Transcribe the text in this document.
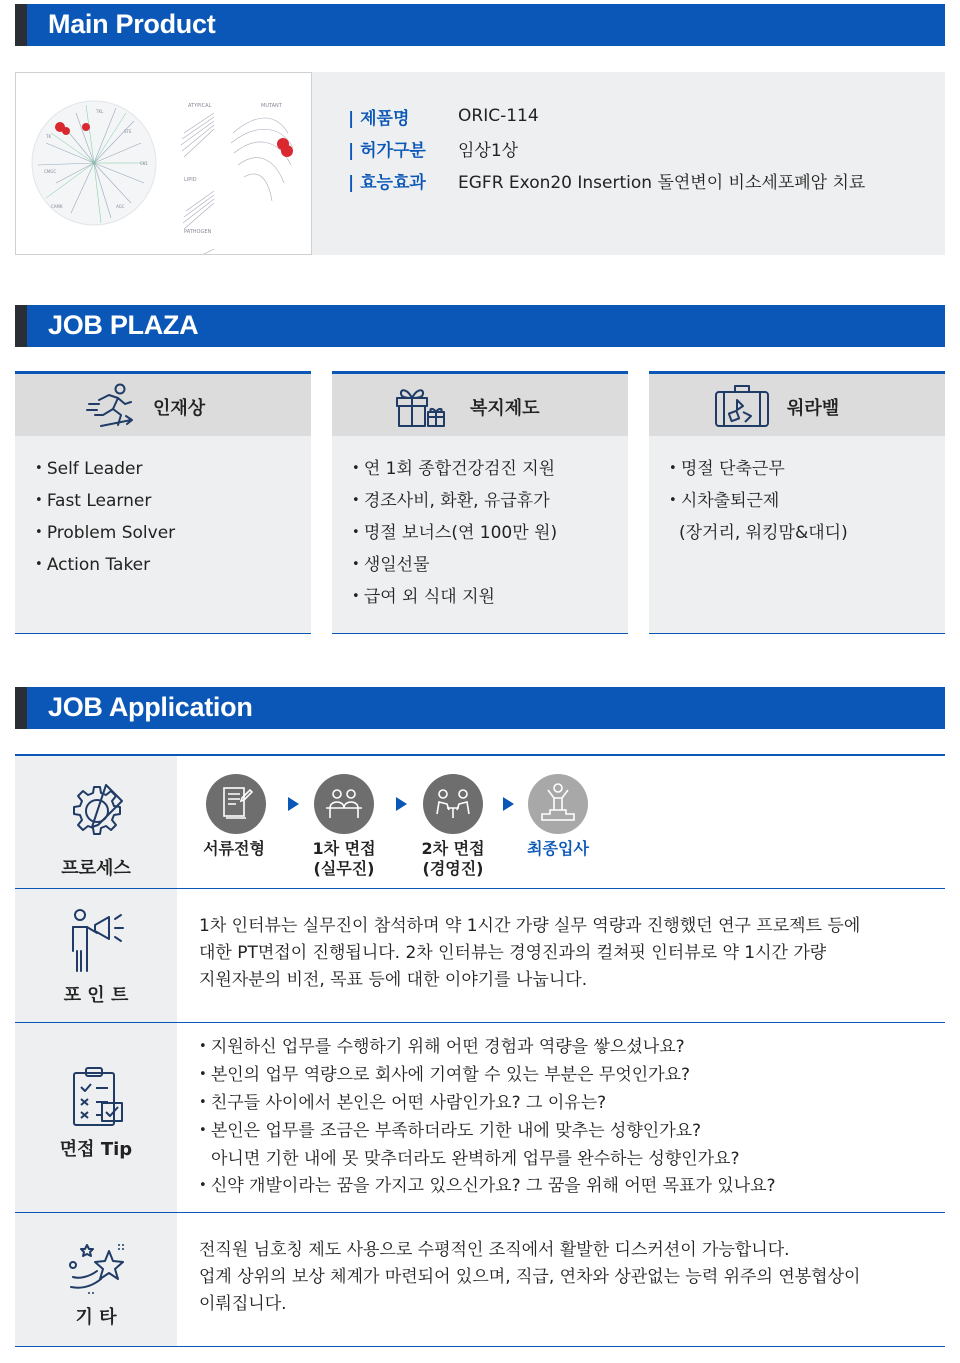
Main Product
CMGC
TKL
STE
CK1
AGC
CAMK
TK
ATYPICAL	MUTANT
LIPID
PATHOGEN
| 제품명	ORIC-114
| 허가구분	임상1상
| 효능효과	EGFR Exon20 Insertion 돌연변이 비소세포폐암 치료
JOB PLAZA
인재상
• Self Leader
• Fast Learner
• Problem Solver
• Action Taker
복지제도
• 연 1회 종합건강검진 지원
• 경조사비, 화환, 유급휴가
• 명절 보너스(연 100만 원)
• 생일선물
• 급여 외 식대 지원
워라밸
• 명절 단축근무
• 시차출퇴근제
(장거리, 워킹맘&대디)
JOB Application
프로세스
서류전형	1차 면접
(실무진)
2차 면접
(경영진)
최종입사
포 인 트
1차 인터뷰는 실무진이 참석하며 약 1시간 가량 실무 역량과 진행했던 연구 프로젝트 등에
대한 PT면접이 진행됩니다. 2차 인터뷰는 경영진과의 컬쳐핏 인터뷰로 약 1시간 가량
지원자분의 비전, 목표 등에 대한 이야기를 나눕니다.
면접 Tip
• 지원하신 업무를 수행하기 위해 어떤 경험과 역량을 쌓으셨나요?
• 본인의 업무 역량으로 회사에 기여할 수 있는 부분은 무엇인가요?
• 친구들 사이에서 본인은 어떤 사람인가요? 그 이유는?
• 본인은 업무를 조금은 부족하더라도 기한 내에 맞추는 성향인가요?
아니면 기한 내에 못 맞추더라도 완벽하게 업무를 완수하는 성향인가요?
• 신약 개발이라는 꿈을 가지고 있으신가요? 그 꿈을 위해 어떤 목표가 있나요?
기 타
전직원 님호칭 제도 사용으로 수평적인 조직에서 활발한 디스커션이 가능합니다.
업계 상위의 보상 체계가 마련되어 있으며, 직급, 연차와 상관없는 능력 위주의 연봉협상이
이뤄집니다.
